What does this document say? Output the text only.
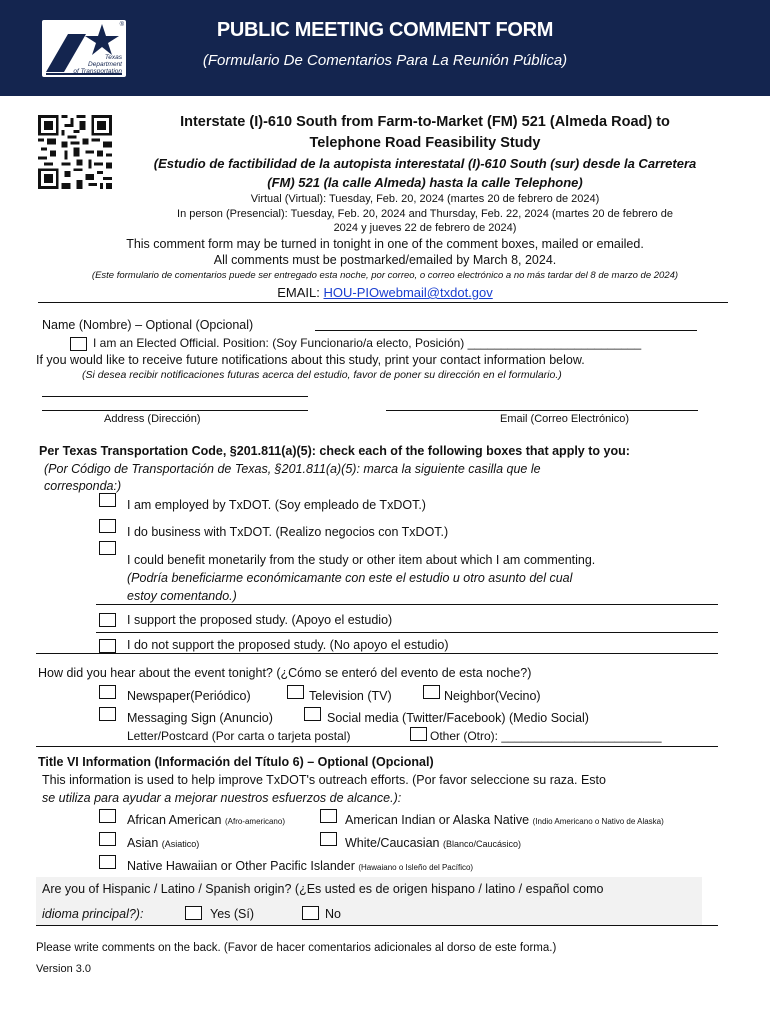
®
Texas
Department
of Transportation
PUBLIC MEETING COMMENT FORM
(Formulario De Comentarios Para La Reunión Pública)
Interstate (I)-610 South from Farm-to-Market (FM) 521 (Almeda Road) to
Telephone Road Feasibility Study
(Estudio de factibilidad de la autopista interestatal (I)-610 South (sur) desde la Carretera
(FM) 521 (la calle Almeda) hasta la calle Telephone)
Virtual (Virtual): Tuesday, Feb. 20, 2024 (martes 20 de febrero de 2024)
In person (Presencial): Tuesday, Feb. 20, 2024 and Thursday, Feb. 22, 2024 (martes 20 de febrero de
2024 y jueves 22 de febrero de 2024)
This comment form may be turned in tonight in one of the comment boxes, mailed or emailed.
All comments must be postmarked/emailed by March 8, 2024.
(Este formulario de comentarios puede ser entregado esta noche, por correo, o correo electrónico a no más tardar del 8 de marzo de 2024)
EMAIL: HOU-PIOwebmail@txdot.gov
Name (Nombre) – Optional (Opcional)
I am an Elected Official. Position: (Soy Funcionario/a electo, Posición) __________________________
If you would like to receive future notifications about this study, print your contact information below.
(Si desea recibir notificaciones futuras acerca del estudio, favor de poner su dirección en el formulario.)
Address (Dirección)	Email (Correo Electrónico)
Per Texas Transportation Code, §201.811(a)(5): check each of the following boxes that apply to you:
(Por Código de Transportación de Texas, §201.811(a)(5): marca la siguiente casilla que le
corresponda:)
I am employed by TxDOT. (Soy empleado de TxDOT.)
I do business with TxDOT. (Realizo negocios con TxDOT.)
I could benefit monetarily from the study or other item about which I am commenting.
(Podría beneficiarme económicamante con este el estudio u otro asunto del cual
estoy comentando.)
I support the proposed study. (Apoyo el estudio)
I do not support the proposed study. (No apoyo el estudio)
How did you hear about the event tonight? (¿Cómo se enteró del evento de esta noche?)
Newspaper(Periódico)	Television (TV)	Neighbor(Vecino)
Messaging Sign (Anuncio)	Social media (Twitter/Facebook) (Medio Social)
Letter/Postcard (Por carta o tarjeta postal)	Other (Otro): ________________________
Title VI Information (Información del Título 6) – Optional (Opcional)
This information is used to help improve TxDOT's outreach efforts. (Por favor seleccione su raza. Esto
se utiliza para ayudar a mejorar nuestros esfuerzos de alcance.):
African American (Afro-americano)	American Indian or Alaska Native (Indio Americano o Nativo de Alaska)
Asian (Asiatico)	White/Caucasian (Blanco/Caucásico)
Native Hawaiian or Other Pacific Islander (Hawaiano o Isleño del Pacífico)
Are you of Hispanic / Latino / Spanish origin? (¿Es usted es de origen hispano / latino / español como
idioma principal?):	Yes (Sí)	No
Please write comments on the back. (Favor de hacer comentarios adicionales al dorso de este forma.)
Version 3.0
